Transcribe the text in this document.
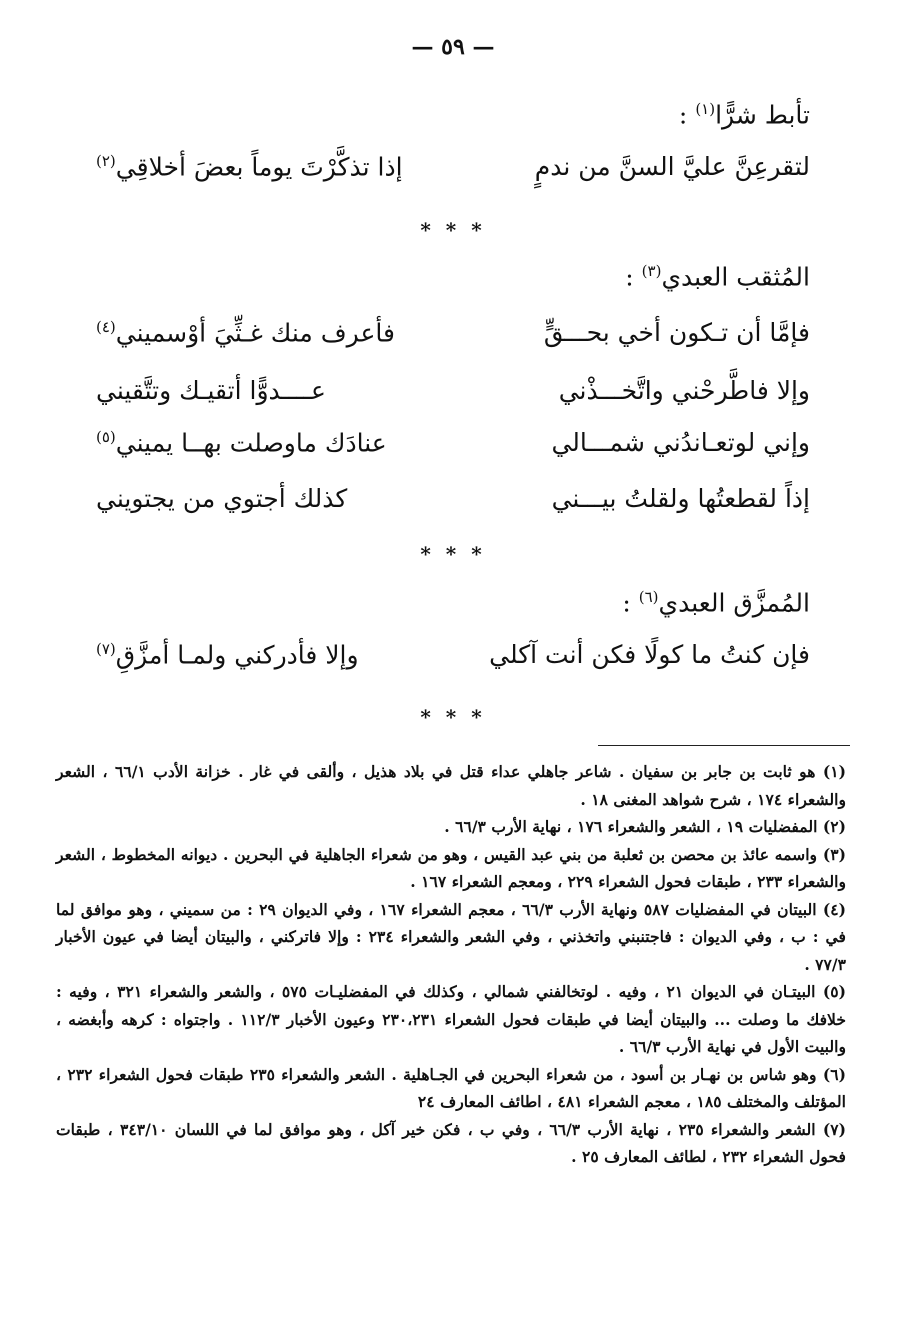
— ٥٩ —
تأبط شرًّا$^{(١)}$ :
لتقرعِنَّ عليَّ السنَّ من ندمٍ
إذا تذكَّرْتَ يوماً بعضَ أخلاقِي$^{(٢)}$
* * *
المُثقب العبدي$^{(٣)}$ :
فإمَّا أن تـكون أخي بحـــقٍّ
فأعرف منك غـثِّيَ أوْسميني$^{(٤)}$
وإلا فاطَّرحْني واتَّخـــذْني
عــــدوًّا أتقيـك وتتَّقيني
وإني لوتعـاندُني شمـــالي
عنادَك ماوصلت بهــا يميني$^{(٥)}$
إذاً لقطعتُها ولقلتُ بيـــني
كذلك أجتوي من يجتويني
* * *
المُمزَّق العبدي$^{(٦)}$ :
فإن كنتُ ما كولًا فكن أنت آكلي
وإلا فأدركني ولمـا أمزَّقِ$^{(٧)}$
* * *

(١) هو ثابت بن جابر بن سفيان . شاعر جاهلي عداء قتل في بلاد هذيل ، وألقى في غار . خزانة الأدب ٦٦/١ ، الشعر والشعراء ١٧٤ ، شرح شواهد المغنى ١٨ .

(٢) المفضليات ١٩ ، الشعر والشعراء ١٧٦ ، نهاية الأرب ٦٦/٣ .

(٣) واسمه عائذ بن محصن بن ثعلبة من بني عبد القيس ، وهو من شعراء الجاهلية في البحرين . ديوانه المخطوط ، الشعر والشعراء ٢٣٣ ، طبقات فحول الشعراء ٢٢٩ ، ومعجم الشعراء ١٦٧ .

(٤) البيتان في المفضليات ٥٨٧ ونهاية الأرب ٦٦/٣ ، معجم الشعراء ١٦٧ ، وفي الديوان ٢٩ : من سميني ، وهو موافق لما في : ب ، وفي الديوان : فاجتنبني واتخذني ، وفي الشعر والشعراء ٢٣٤ : وإلا فاتركني ، والبيتان أيضا في عيون الأخبار ٧٧/٣ .

(٥) البيتـان في الديوان ٢١ ، وفيه . لوتخالفني شمالي ، وكذلك في المفضليـات ٥٧٥ ، والشعر والشعراء ٣٢١ ، وفيه : خلافك ما وصلت ... والبيتان أيضا في طبقات فحول الشعراء ٢٣٠،٢٣١ وعيون الأخبار ١١٢/٣ . واجتواه : كرهه وأبغضه ، والبيت الأول في نهاية الأرب ٦٦/٣ .

(٦) وهو شاس بن نهـار بن أسود ، من شعراء البحرين في الجـاهلية . الشعر والشعراء ٢٣٥ طبقات فحول الشعراء ٢٣٢ ، المؤتلف والمختلف ١٨٥ ، معجم الشعراء ٤٨١ ، اطائف المعارف ٢٤

(٧) الشعر والشعراء ٢٣٥ ، نهاية الأرب ٦٦/٣ ، وفي ب ، فكن خير آكل ، وهو موافق لما في اللسان ٣٤٣/١٠ ، طبقات فحول الشعراء ٢٣٢ ، لطائف المعارف ٢٥ .
